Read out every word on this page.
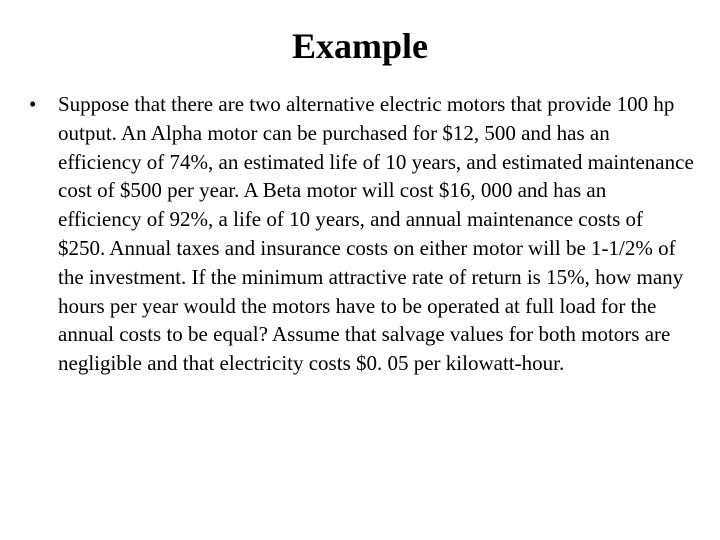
Example
• Suppose that there are two alternative electric motors that provide 100 hp output. An Alpha motor can be purchased for $12, 500 and has an efficiency of 74%, an estimated life of 10 years, and estimated maintenance cost of $500 per year. A Beta motor will cost $16, 000 and has an efficiency of 92%, a life of 10 years, and annual maintenance costs of $250. Annual taxes and insurance costs on either motor will be 1-1/2% of the investment. If the minimum attractive rate of return is 15%, how many hours per year would the motors have to be operated at full load for the annual costs to be equal? Assume that salvage values for both motors are negligible and that electricity costs $0. 05 per kilowatt-hour.
